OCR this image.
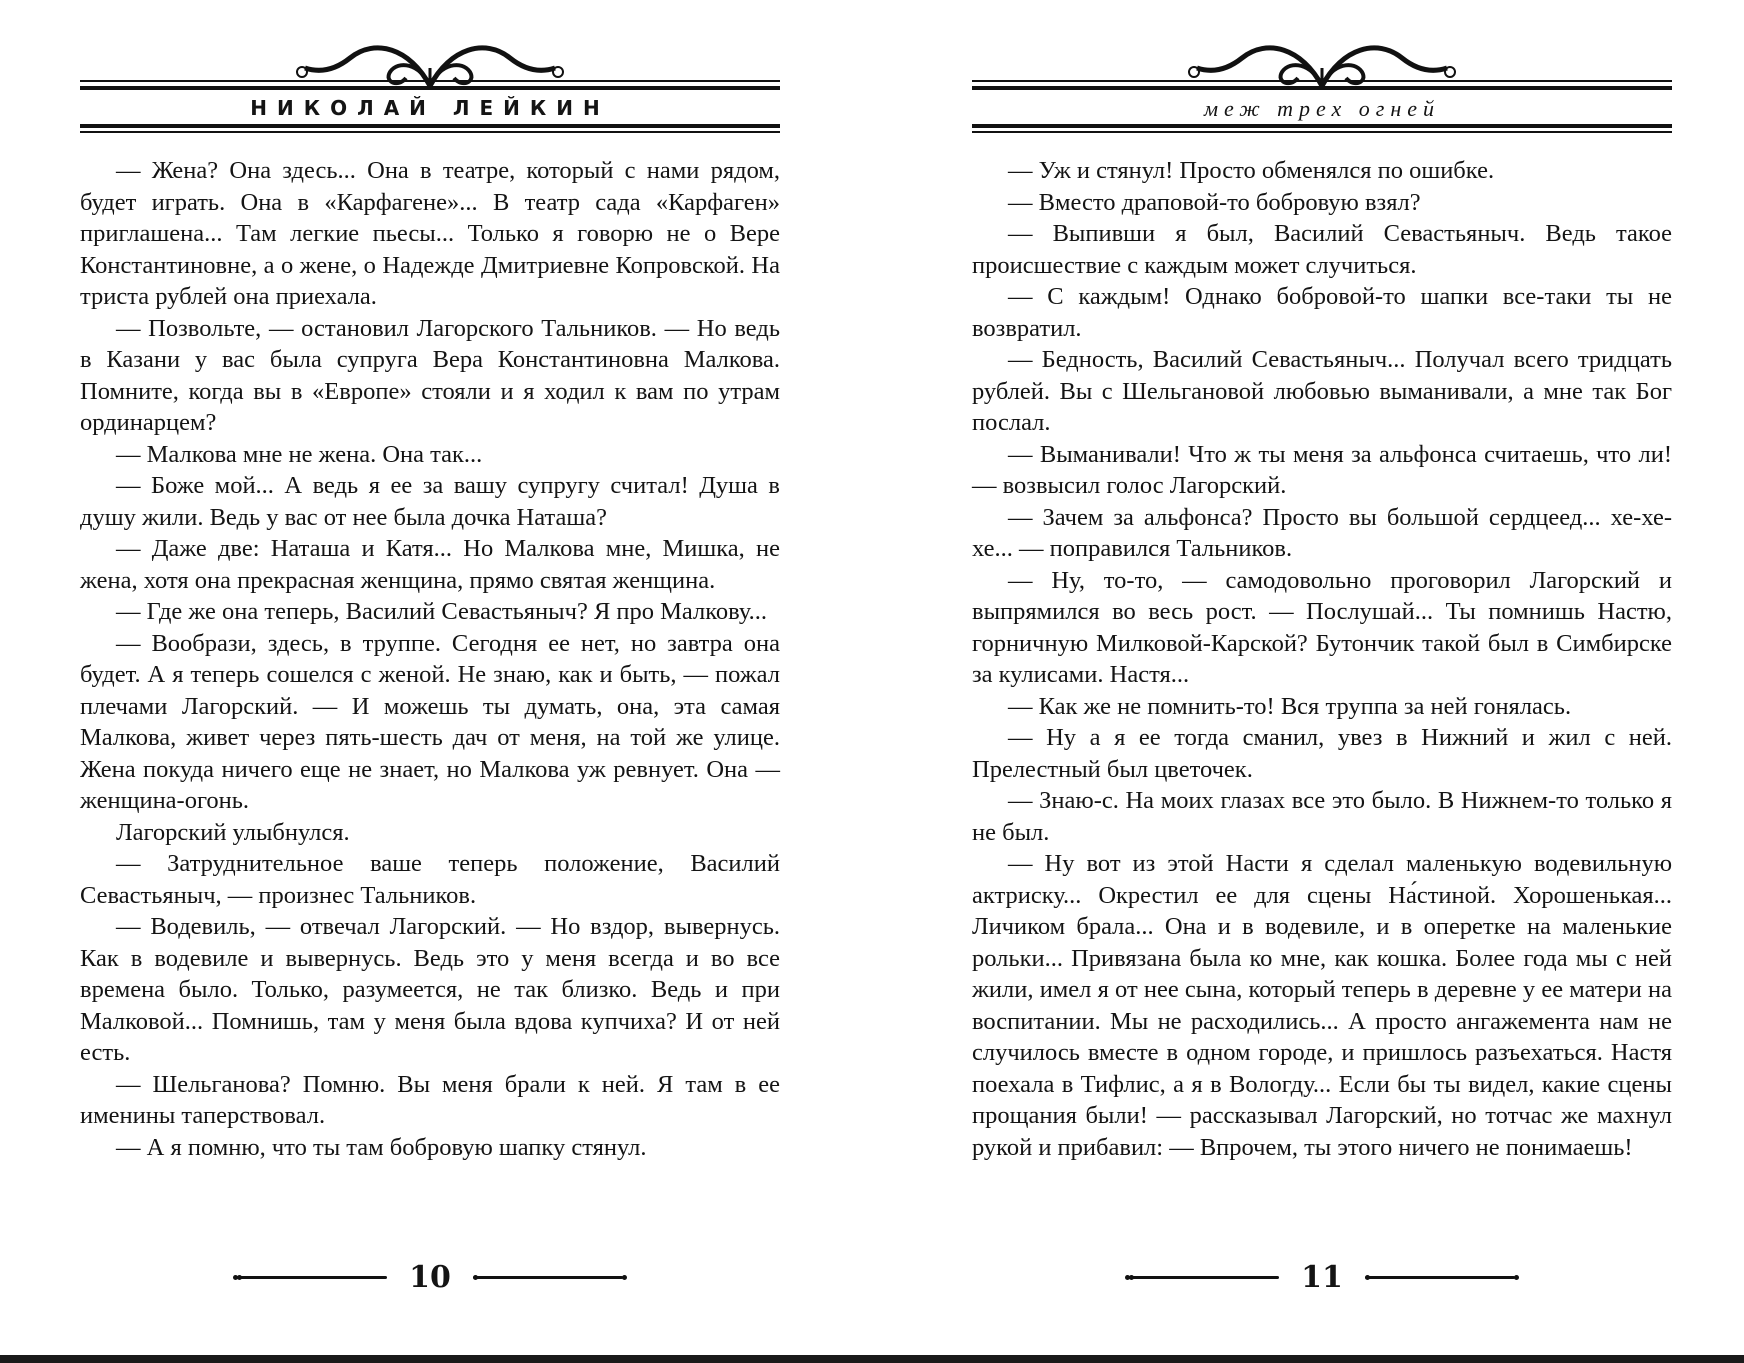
НИКОЛАЙ ЛЕЙКИН

— Жена? Она здесь... Она в театре, который с нами рядом, будет играть. Она в «Карфагене»... В театр сада «Карфаген» приглашена... Там легкие пьесы... Только я говорю не о Вере Константиновне, а о жене, о Надежде Дмитриевне Копровской. На триста рублей она приехала.

— Позвольте, — остановил Лагорского Тальников. — Но ведь в Казани у вас была супруга Вера Константиновна Малкова. Помните, когда вы в «Европе» стояли и я ходил к вам по утрам ординарцем?

— Малкова мне не жена. Она так...

— Боже мой... А ведь я ее за вашу супругу считал! Душа в душу жили. Ведь у вас от нее была дочка Наташа?

— Даже две: Наташа и Катя... Но Малкова мне, Мишка, не жена, хотя она прекрасная женщина, прямо святая женщина.

— Где же она теперь, Василий Севастьяныч? Я про Малкову...

— Вообрази, здесь, в труппе. Сегодня ее нет, но завтра она будет. А я теперь сошелся с женой. Не знаю, как и быть, — пожал плечами Лагорский. — И можешь ты думать, она, эта самая Малкова, живет через пять-шесть дач от меня, на той же улице. Жена покуда ничего еще не знает, но Малкова уж ревнует. Она — женщина-огонь.

Лагорский улыбнулся.

— Затруднительное ваше теперь положение, Василий Севастьяныч, — произнес Тальников.

— Водевиль, — отвечал Лагорский. — Но вздор, вывернусь. Как в водевиле и вывернусь. Ведь это у меня всегда и во все времена было. Только, разумеется, не так близко. Ведь и при Малковой... Помнишь, там у меня была вдова купчиха? И от ней есть.

— Шельганова? Помню. Вы меня брали к ней. Я там в ее именины таперствовал.

— А я помню, что ты там бобровую шапку стянул.

10
меж трех огней

— Уж и стянул! Просто обменялся по ошибке.

— Вместо драповой-то бобровую взял?

— Выпивши я был, Василий Севастьяныч. Ведь такое происшествие с каждым может случиться.

— С каждым! Однако бобровой-то шапки все-таки ты не возвратил.

— Бедность, Василий Севастьяныч... Получал всего тридцать рублей. Вы с Шельгановой любовью выманивали, а мне так Бог послал.

— Выманивали! Что ж ты меня за альфонса считаешь, что ли! — возвысил голос Лагорский.

— Зачем за альфонса? Просто вы большой сердцеед... хе-хе-хе... — поправился Тальников.

— Ну, то-то, — самодовольно проговорил Лагорский и выпрямился во весь рост. — Послушай... Ты помнишь Настю, горничную Милковой-Карской? Бутончик такой был в Симбирске за кулисами. Настя...

— Как же не помнить-то! Вся труппа за ней гонялась.

— Ну а я ее тогда сманил, увез в Нижний и жил с ней. Прелестный был цветочек.

— Знаю-с. На моих глазах все это было. В Нижнем-то только я не был.

— Ну вот из этой Насти я сделал маленькую водевильную актриску... Окрестил ее для сцены На́стиной. Хорошенькая... Личиком брала... Она и в водевиле, и в оперетке на маленькие рольки... Привязана была ко мне, как кошка. Более года мы с ней жили, имел я от нее сына, который теперь в деревне у ее матери на воспитании. Мы не расходились... А просто ангажемента нам не случилось вместе в одном городе, и пришлось разъехаться. Настя поехала в Тифлис, а я в Вологду... Если бы ты видел, какие сцены прощания были! — рассказывал Лагорский, но тотчас же махнул рукой и прибавил: — Впрочем, ты этого ничего не понимаешь!

11
